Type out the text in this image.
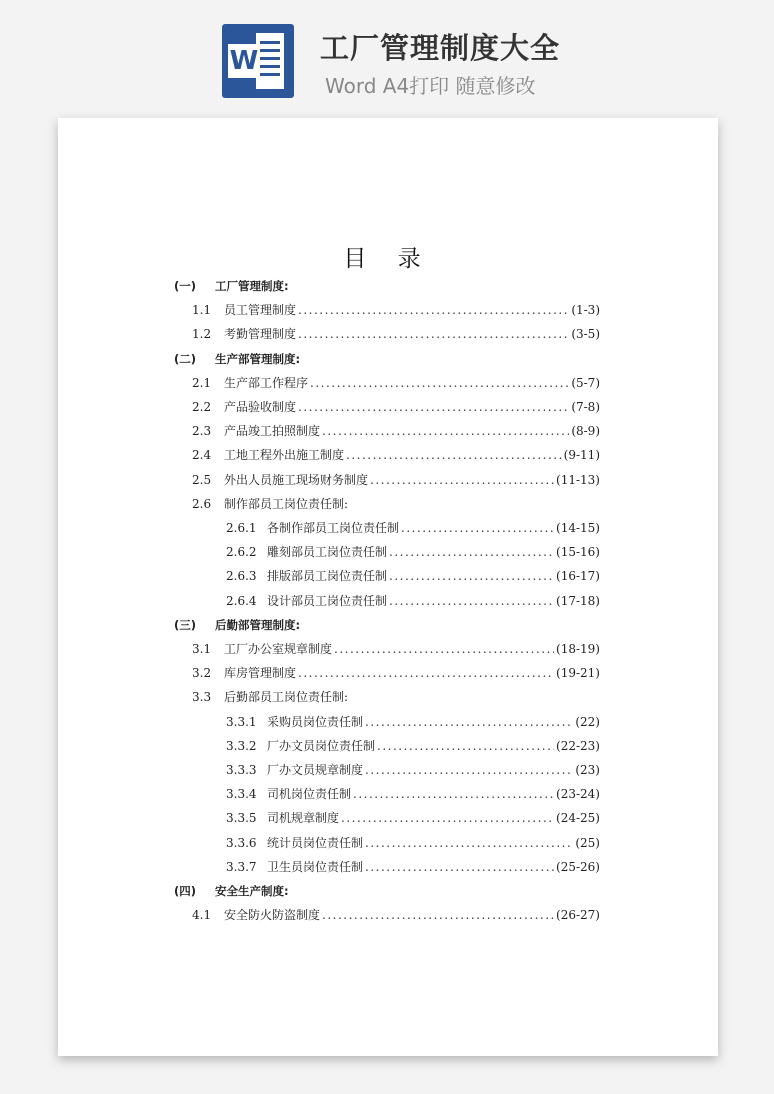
W 工厂管理制度大全
Word A4打印 随意修改
目 录
(一)	工厂管理制度:
1.1	员工管理制度 .....	(1-3)
1.2	考勤管理制度 .....	(3-5)
(二)	生产部管理制度:
2.1	生产部工作程序 .....	(5-7)
2.2	产品验收制度 .....	(7-8)
2.3	产品竣工拍照制度 .....	(8-9)
2.4	工地工程外出施工制度 .....	(9-11)
2.5	外出人员施工现场财务制度 .....	(11-13)
2.6	制作部员工岗位责任制:
2.6.1 各制作部员工岗位责任制 .....	(14-15)
2.6.2 雕刻部员工岗位责任制 .....	(15-16)
2.6.3 排版部员工岗位责任制 .....	(16-17)
2.6.4 设计部员工岗位责任制 .....	(17-18)
(三)	后勤部管理制度:
3.1	工厂办公室规章制度 .....	(18-19)
3.2	库房管理制度 .....	(19-21)
3.3	后勤部员工岗位责任制:
3.3.1 采购员岗位责任制 .....	(22)
3.3.2 厂办文员岗位责任制 .....	(22-23)
3.3.3 厂办文员规章制度 .....	(23)
3.3.4 司机岗位责任制 .....	(23-24)
3.3.5 司机规章制度 .....	(24-25)
3.3.6 统计员岗位责任制 .....	(25)
3.3.7 卫生员岗位责任制 .....	(25-26)
(四)	安全生产制度:
4.1	安全防火防盗制度 .....	(26-27)
